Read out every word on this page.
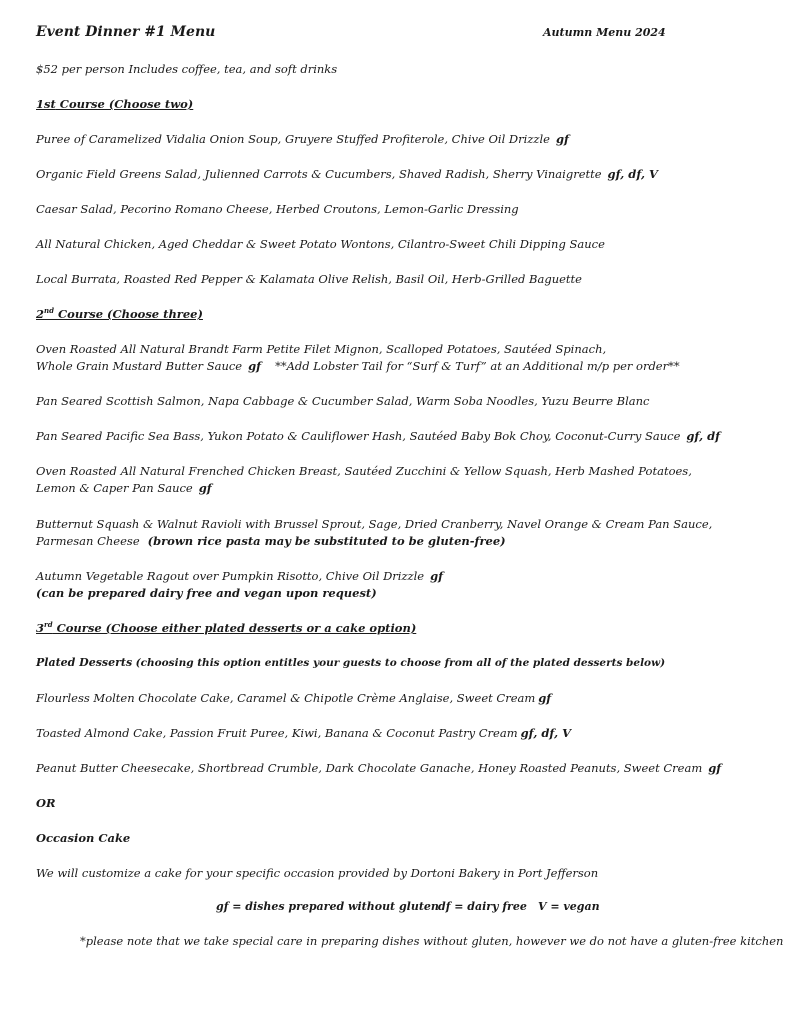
Event Dinner #1 Menu	Autumn Menu 2024
$52 per person Includes coffee, tea, and soft drinks
1st Course (Choose two)
Puree of Caramelized Vidalia Onion Soup, Gruyere Stuffed Profiterole, Chive Oil Drizzle gf
Organic Field Greens Salad, Julienned Carrots & Cucumbers, Shaved Radish, Sherry Vinaigrette gf, df, V
Caesar Salad, Pecorino Romano Cheese, Herbed Croutons, Lemon-Garlic Dressing
All Natural Chicken, Aged Cheddar & Sweet Potato Wontons, Cilantro-Sweet Chili Dipping Sauce
Local Burrata, Roasted Red Pepper & Kalamata Olive Relish, Basil Oil, Herb-Grilled Baguette
2nd Course (Choose three)
Oven Roasted All Natural Brandt Farm Petite Filet Mignon, Scalloped Potatoes, Sautéed Spinach,
Whole Grain Mustard Butter Sauce gf **Add Lobster Tail for “Surf & Turf” at an Additional m/p per order**
Pan Seared Scottish Salmon, Napa Cabbage & Cucumber Salad, Warm Soba Noodles, Yuzu Beurre Blanc
Pan Seared Pacific Sea Bass, Yukon Potato & Cauliflower Hash, Sautéed Baby Bok Choy, Coconut-Curry Sauce gf, df
Oven Roasted All Natural Frenched Chicken Breast, Sautéed Zucchini & Yellow Squash, Herb Mashed Potatoes,
Lemon & Caper Pan Sauce gf
Butternut Squash & Walnut Ravioli with Brussel Sprout, Sage, Dried Cranberry, Navel Orange & Cream Pan Sauce,
Parmesan Cheese (brown rice pasta may be substituted to be gluten-free)
Autumn Vegetable Ragout over Pumpkin Risotto, Chive Oil Drizzle gf
(can be prepared dairy free and vegan upon request)
3rd Course (Choose either plated desserts or a cake option)
Plated Desserts (choosing this option entitles your guests to choose from all of the plated desserts below)
Flourless Molten Chocolate Cake, Caramel & Chipotle Crème Anglaise, Sweet Cream gf
Toasted Almond Cake, Passion Fruit Puree, Kiwi, Banana & Coconut Pastry Cream gf, df, V
Peanut Butter Cheesecake, Shortbread Crumble, Dark Chocolate Ganache, Honey Roasted Peanuts, Sweet Cream gf
OR
Occasion Cake
We will customize a cake for your specific occasion provided by Dortoni Bakery in Port Jefferson
gf = dishes prepared without gluten df = dairy free V = vegan
*please note that we take special care in preparing dishes without gluten, however we do not have a gluten-free kitchen
